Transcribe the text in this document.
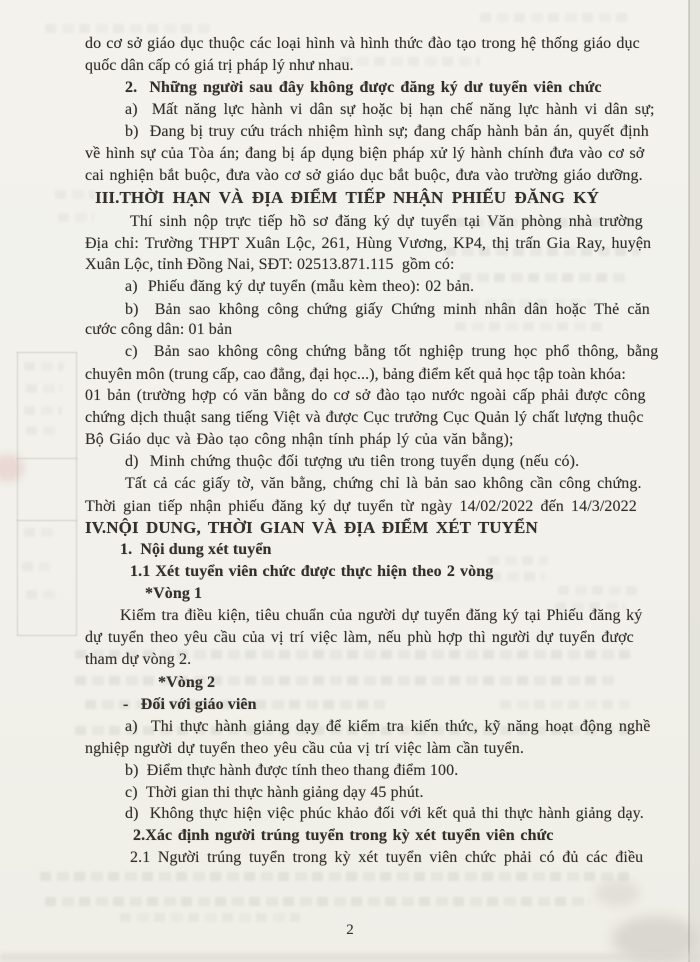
do cơ sở giáo dục thuộc các loại hình và hình thức đào tạo trong hệ thống giáo dục
quốc dân cấp có giá trị pháp lý như nhau.
2.  Những người sau đây không được đăng ký dư tuyển viên chức
a)  Mất năng lực hành vi dân sự hoặc bị hạn chế năng lực hành vi dân sự;
b)  Đang bị truy cứu trách nhiệm hình sự; đang chấp hành bản án, quyết định
về hình sự của Tòa án; đang bị áp dụng biện pháp xử lý hành chính đưa vào cơ sở
cai nghiện bắt buộc, đưa vào cơ sở giáo dục bắt buộc, đưa vào trường giáo dưỡng.
III.THỜI HẠN VÀ ĐỊA ĐIỂM TIẾP NHẬN PHIẾU ĐĂNG KÝ
Thí sinh nộp trực tiếp hồ sơ đăng ký dự tuyển tại Văn phòng nhà trường
Địa chỉ: Trường THPT Xuân Lộc, 261, Hùng Vương, KP4, thị trấn Gia Ray, huyện
Xuân Lộc, tỉnh Đồng Nai, SĐT: 02513.871.115  gồm có:
a)  Phiếu đăng ký dự tuyển (mẫu kèm theo): 02 bản.
b)  Bản sao không công chứng giấy Chứng minh nhân dân hoặc Thẻ căn
cước công dân: 01 bản
c)  Bản sao không công chứng bằng tốt nghiệp trung học phổ thông, bằng
chuyên môn (trung cấp, cao đẳng, đại học...), bảng điểm kết quả học tập toàn khóa:
01 bản (trường hợp có văn bằng do cơ sở đào tạo nước ngoài cấp phải được công
chứng dịch thuật sang tiếng Việt và được Cục trưởng Cục Quản lý chất lượng thuộc
Bộ Giáo dục và Đào tạo công nhận tính pháp lý của văn bằng);
d)  Minh chứng thuộc đối tượng ưu tiên trong tuyển dụng (nếu có).
Tất cả các giấy tờ, văn bằng, chứng chỉ là bản sao không cần công chứng.
Thời gian tiếp nhận phiếu đăng ký dự tuyển từ ngày 14/02/2022 đến 14/3/2022
IV.NỘI DUNG, THỜI GIAN VÀ ĐỊA ĐIỂM XÉT TUYỂN
1.  Nội dung xét tuyển
1.1 Xét tuyển viên chức được thực hiện theo 2 vòng
*Vòng 1
Kiểm tra điều kiện, tiêu chuẩn của người dự tuyển đăng ký tại Phiếu đăng ký
dự tuyển theo yêu cầu của vị trí việc làm, nếu phù hợp thì người dự tuyển được
tham dự vòng 2.
*Vòng 2
-   Đối với giáo viên
a)  Thi thực hành giảng dạy để kiểm tra kiến thức, kỹ năng hoạt động nghề
nghiệp người dự tuyển theo yêu cầu của vị trí việc làm cần tuyển.
b)  Điểm thực hành được tính theo thang điểm 100.
c)  Thời gian thi thực hành giảng dạy 45 phút.
d)  Không thực hiện việc phúc khảo đối với kết quả thi thực hành giảng dạy.
2.Xác định người trúng tuyển trong kỳ xét tuyển viên chức
2.1 Người trúng tuyển trong kỳ xét tuyển viên chức phải có đủ các điều
2
